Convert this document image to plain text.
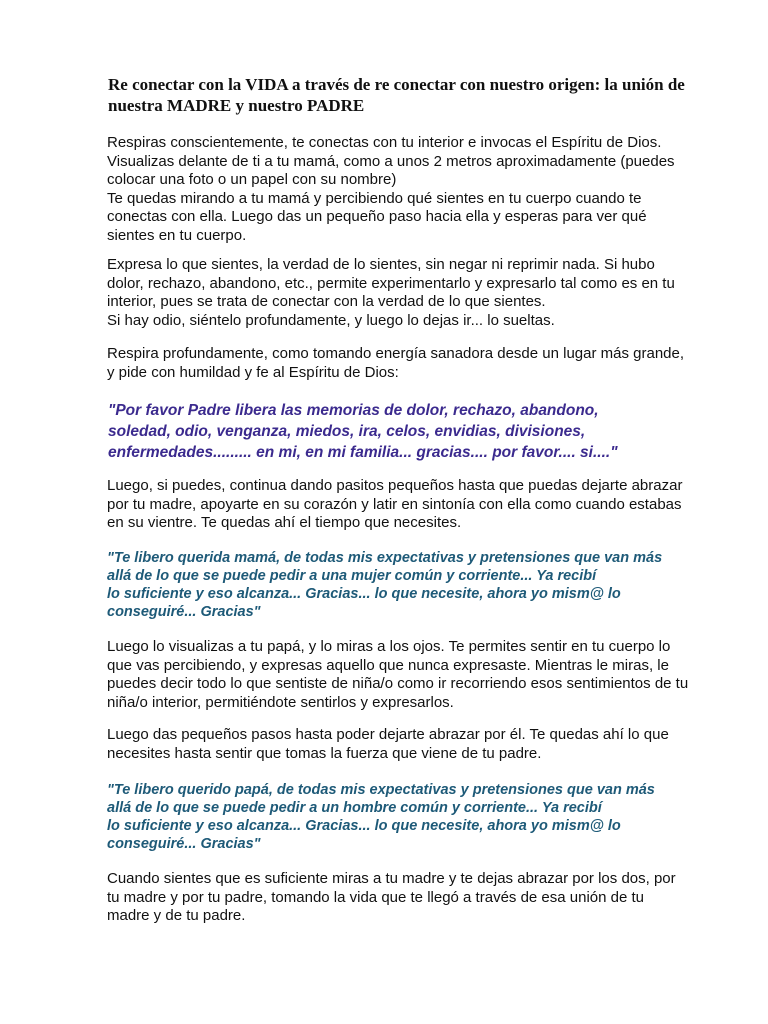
Re conectar con la VIDA a través de re conectar con nuestro origen: la unión de
nuestra MADRE y nuestro PADRE

Respiras conscientemente, te conectas con tu interior e invocas el Espíritu de Dios.
Visualizas delante de ti a tu mamá, como a unos 2 metros aproximadamente (puedes
colocar una foto o un papel con su nombre)
Te quedas mirando a tu mamá y percibiendo qué sientes en tu cuerpo cuando te
conectas con ella. Luego das un pequeño paso hacia ella y esperas para ver qué
sientes en tu cuerpo.

Expresa lo que sientes, la verdad de lo sientes, sin negar ni reprimir nada. Si hubo
dolor, rechazo, abandono, etc., permite experimentarlo y expresarlo tal como es en tu
interior, pues se trata de conectar con la verdad de lo que sientes.
Si hay odio, siéntelo profundamente, y luego lo dejas ir... lo sueltas.

Respira profundamente, como tomando energía sanadora desde un lugar más grande,
y pide con humildad y fe al Espíritu de Dios:

"Por favor Padre libera las memorias de dolor, rechazo, abandono,
soledad, odio, venganza, miedos, ira, celos, envidias, divisiones,
enfermedades......... en mi, en mi familia... gracias.... por favor.... si...."

Luego, si puedes, continua dando pasitos pequeños hasta que puedas dejarte abrazar
por tu madre, apoyarte en su corazón y latir en sintonía con ella como cuando estabas
en su vientre. Te quedas ahí el tiempo que necesites.

"Te libero querida mamá, de todas mis expectativas y pretensiones que van más
allá de lo que se puede pedir a una mujer común y corriente... Ya recibí
lo suficiente y eso alcanza... Gracias... lo que necesite, ahora yo mism@ lo
conseguiré... Gracias"

Luego lo visualizas a tu papá, y lo miras a los ojos. Te permites sentir en tu cuerpo lo
que vas percibiendo, y expresas aquello que nunca expresaste. Mientras le miras, le
puedes decir todo lo que sentiste de niña/o como ir recorriendo esos sentimientos de tu
niña/o interior, permitiéndote sentirlos y expresarlos.

Luego das pequeños pasos hasta poder dejarte abrazar por él. Te quedas ahí lo que
necesites hasta sentir que tomas la fuerza que viene de tu padre.

"Te libero querido papá, de todas mis expectativas y pretensiones que van más
allá de lo que se puede pedir a un hombre común y corriente... Ya recibí
lo suficiente y eso alcanza... Gracias... lo que necesite, ahora yo mism@ lo
conseguiré... Gracias"

Cuando sientes que es suficiente miras a tu madre y te dejas abrazar por los dos, por
tu madre y por tu padre, tomando la vida que te llegó a través de esa unión de tu
madre y de tu padre.
